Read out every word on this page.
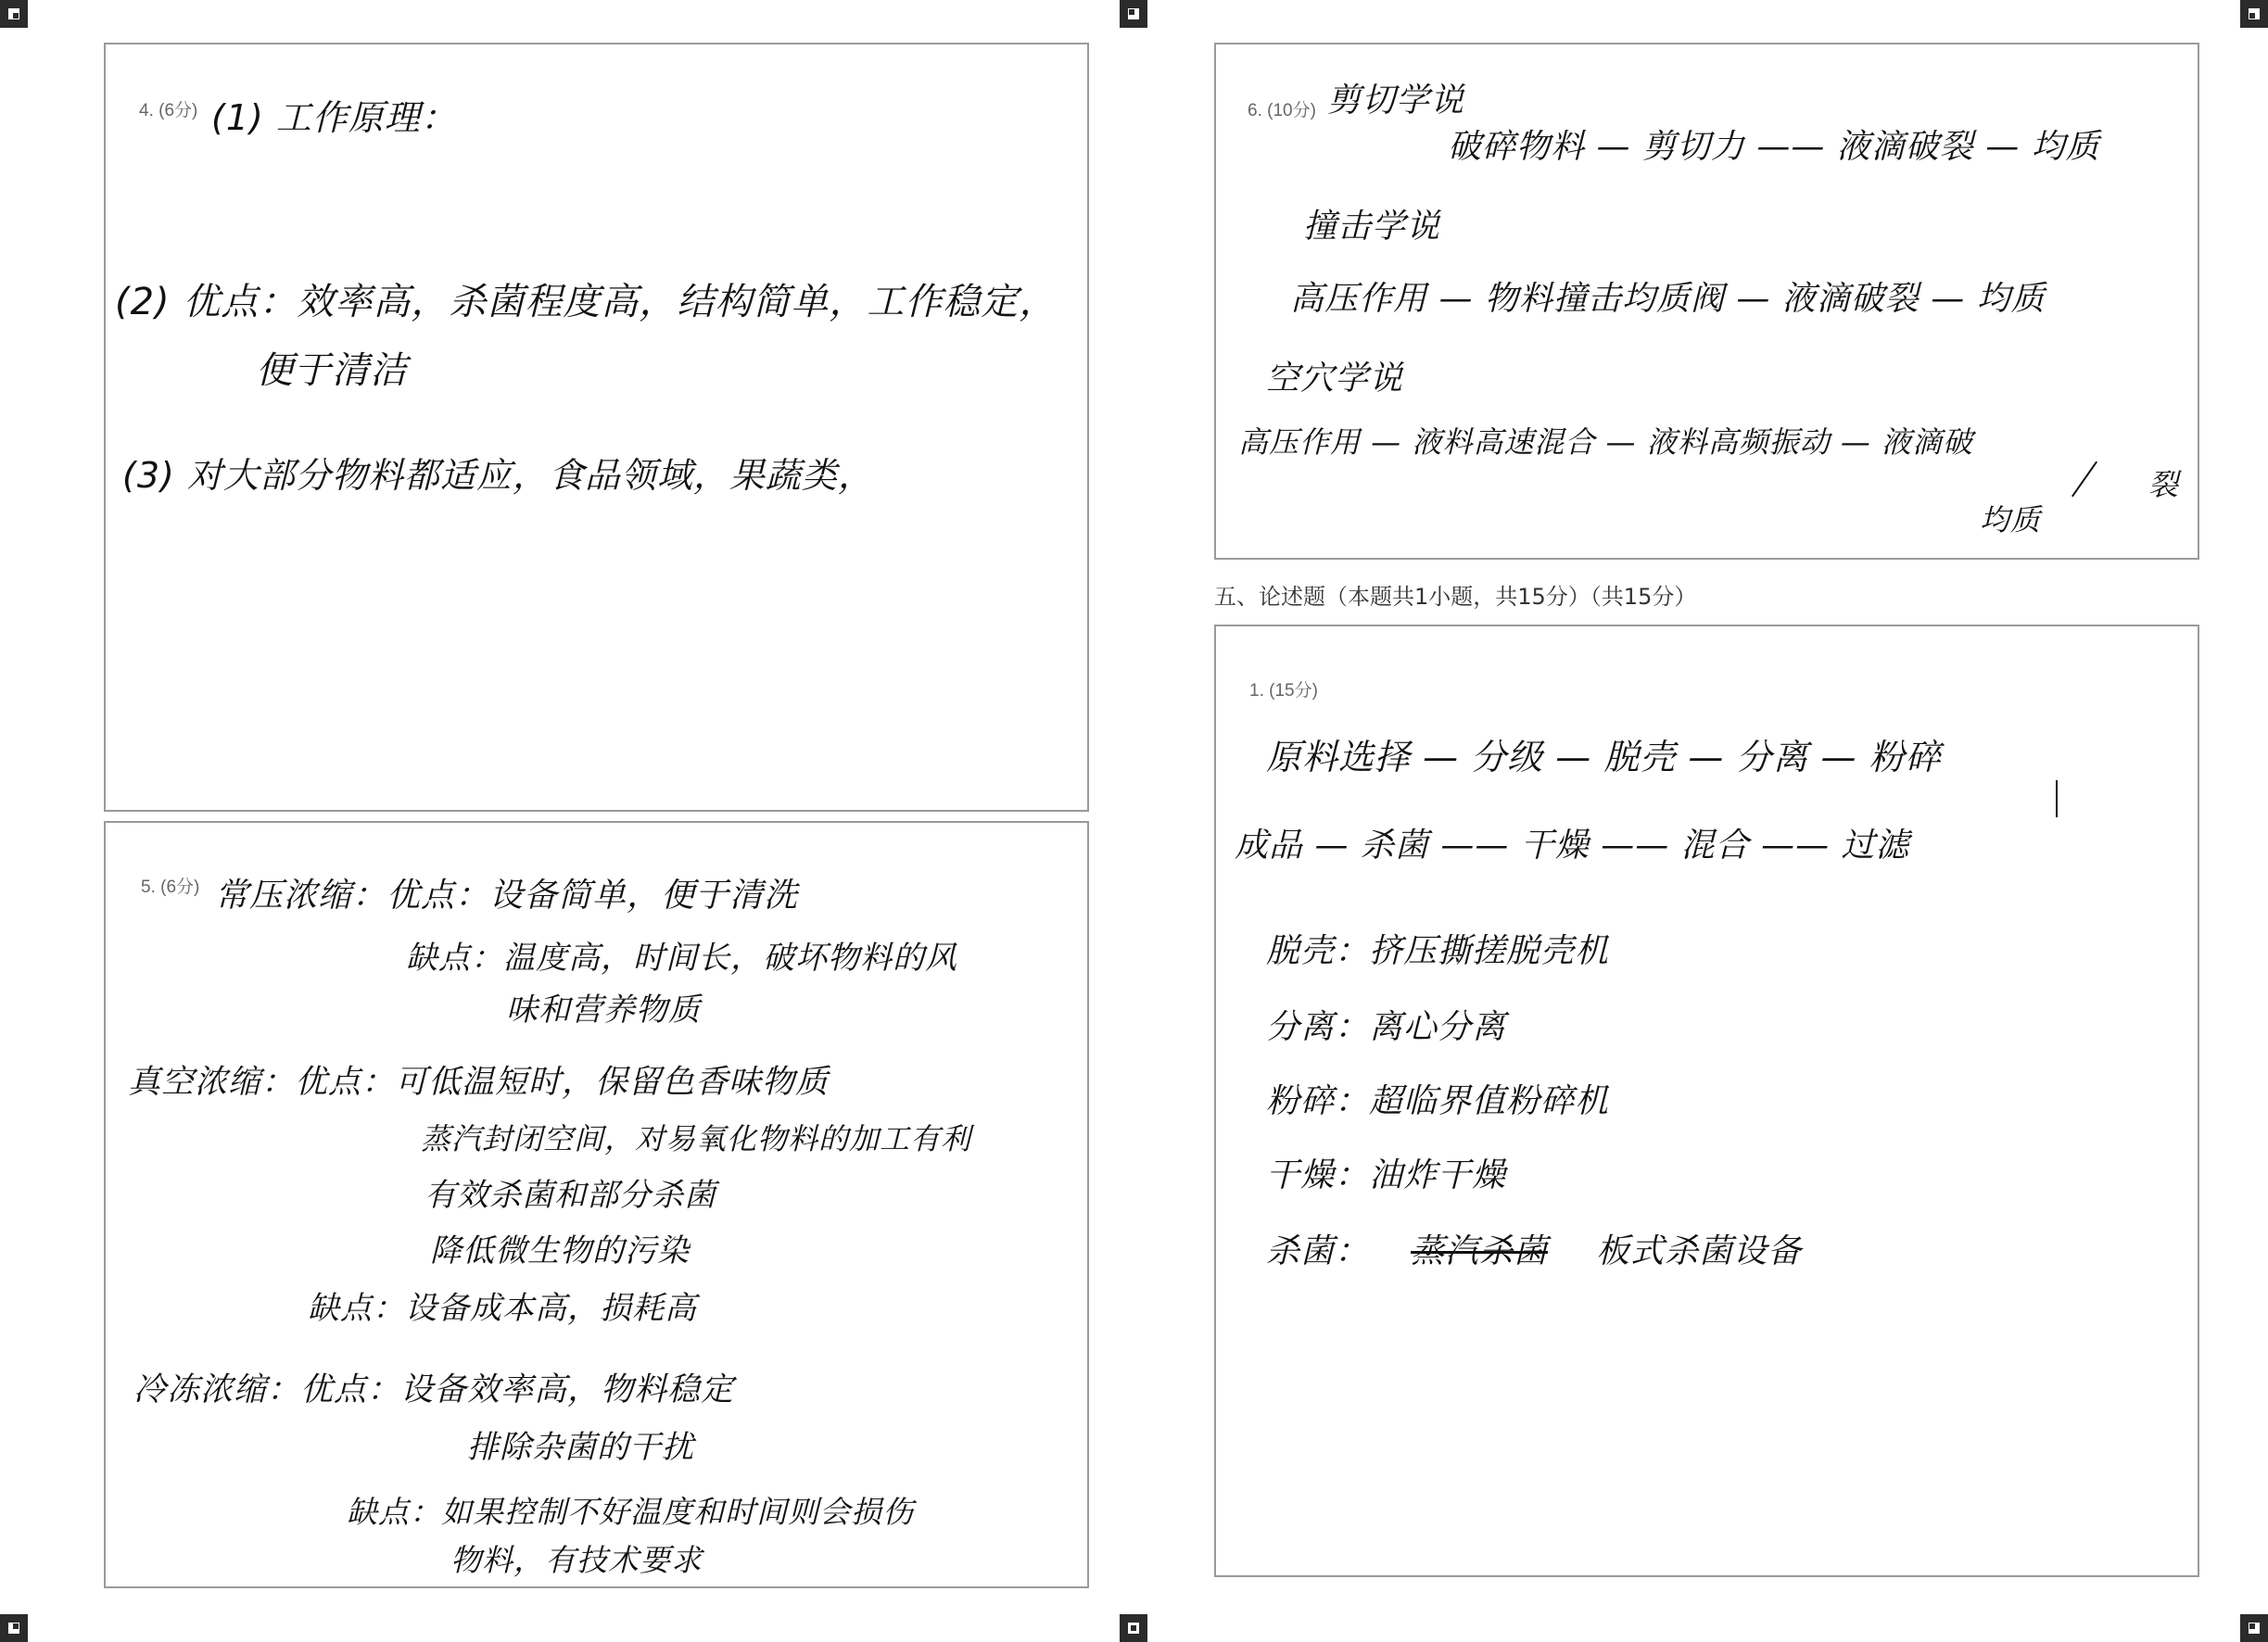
4. (6分) (1) 工作原理：
(2) 优点：效率高，杀菌程度高，结构简单，工作稳定，
便于清洁
(3) 对大部分物料都适应，食品领域，果蔬类，
5. (6分) 常压浓缩：优点：设备简单，便于清洗
缺点：温度高，时间长，破坏物料的风
味和营养物质
真空浓缩：优点：可低温短时，保留色香味物质
蒸汽封闭空间，对易氧化物料的加工有利
有效杀菌和部分杀菌
降低微生物的污染
缺点：设备成本高，损耗高
冷冻浓缩：优点：设备效率高，物料稳定
排除杂菌的干扰
缺点：如果控制不好温度和时间则会损伤
物料，有技术要求
6. (10分) 剪切学说
破碎物料 — 剪切力 —— 液滴破裂 — 均质
撞击学说
高压作用 — 物料撞击均质阀 — 液滴破裂 — 均质
空穴学说
高压作用 — 液料高速混合 — 液料高频振动 — 液滴破
裂
均质
五、论述题（本题共1小题，共15分）（共15分）
1. (15分)
原料选择 — 分级 — 脱壳 — 分离 — 粉碎
成品 — 杀菌 —— 干燥 —— 混合 —— 过滤
脱壳：挤压撕搓脱壳机
分离：离心分离
粉碎：超临界值粉碎机
干燥：油炸干燥
杀菌： 蒸汽杀菌 板式杀菌设备
